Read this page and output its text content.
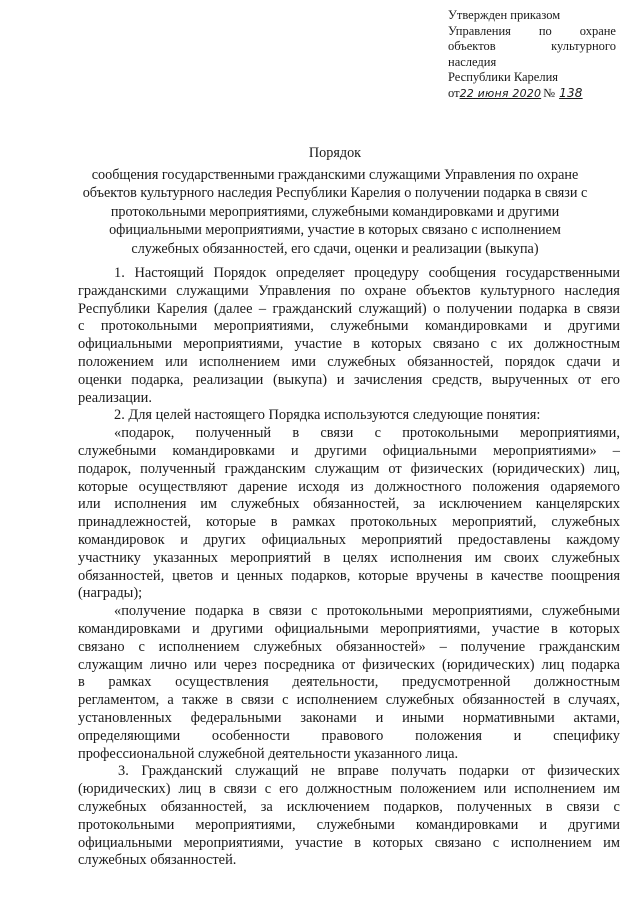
Утвержден приказом
Управления по охране
объектов	культурного
наследия
Республики Карелия
от 22 июня 2020 № 138
Порядок
сообщения государственными гражданскими служащими Управления по охране
объектов культурного наследия Республики Карелия о получении подарка в связи с
протокольными мероприятиями, служебными командировками и другими
официальными мероприятиями, участие в которых связано с исполнением
служебных обязанностей, его сдачи, оценки и реализации (выкупа)
1. Настоящий Порядок определяет процедуру сообщения государственными
гражданскими служащими Управления по охране объектов культурного наследия
Республики Карелия (далее – гражданский служащий) о получении подарка в связи
с протокольными мероприятиями, служебными командировками и другими
официальными мероприятиями, участие в которых связано с их должностным
положением или исполнением ими служебных обязанностей, порядок сдачи и
оценки подарка, реализации (выкупа) и зачисления средств, вырученных от его
реализации.
2. Для целей настоящего Порядка используются следующие понятия:
«подарок, полученный в связи с протокольными мероприятиями,
служебными командировками и другими официальными мероприятиями» –
подарок, полученный гражданским служащим от физических (юридических) лиц,
которые осуществляют дарение исходя из должностного положения одаряемого
или исполнения им служебных обязанностей, за исключением канцелярских
принадлежностей, которые в рамках протокольных мероприятий, служебных
командировок и других официальных мероприятий предоставлены каждому
участнику указанных мероприятий в целях исполнения им своих служебных
обязанностей, цветов и ценных подарков, которые вручены в качестве поощрения
(награды);
«получение подарка в связи с протокольными мероприятиями, служебными
командировками и другими официальными мероприятиями, участие в которых
связано с исполнением служебных обязанностей» – получение гражданским
служащим лично или через посредника от физических (юридических) лиц подарка
в рамках осуществления деятельности, предусмотренной должностным
регламентом, а также в связи с исполнением служебных обязанностей в случаях,
установленных федеральными законами и иными нормативными актами,
определяющими особенности правового положения и специфику
профессиональной служебной деятельности указанного лица.
3. Гражданский служащий не вправе получать подарки от физических
(юридических) лиц в связи с его должностным положением или исполнением им
служебных обязанностей, за исключением подарков, полученных в связи с
протокольными мероприятиями, служебными командировками и другими
официальными мероприятиями, участие в которых связано с исполнением им
служебных обязанностей.
